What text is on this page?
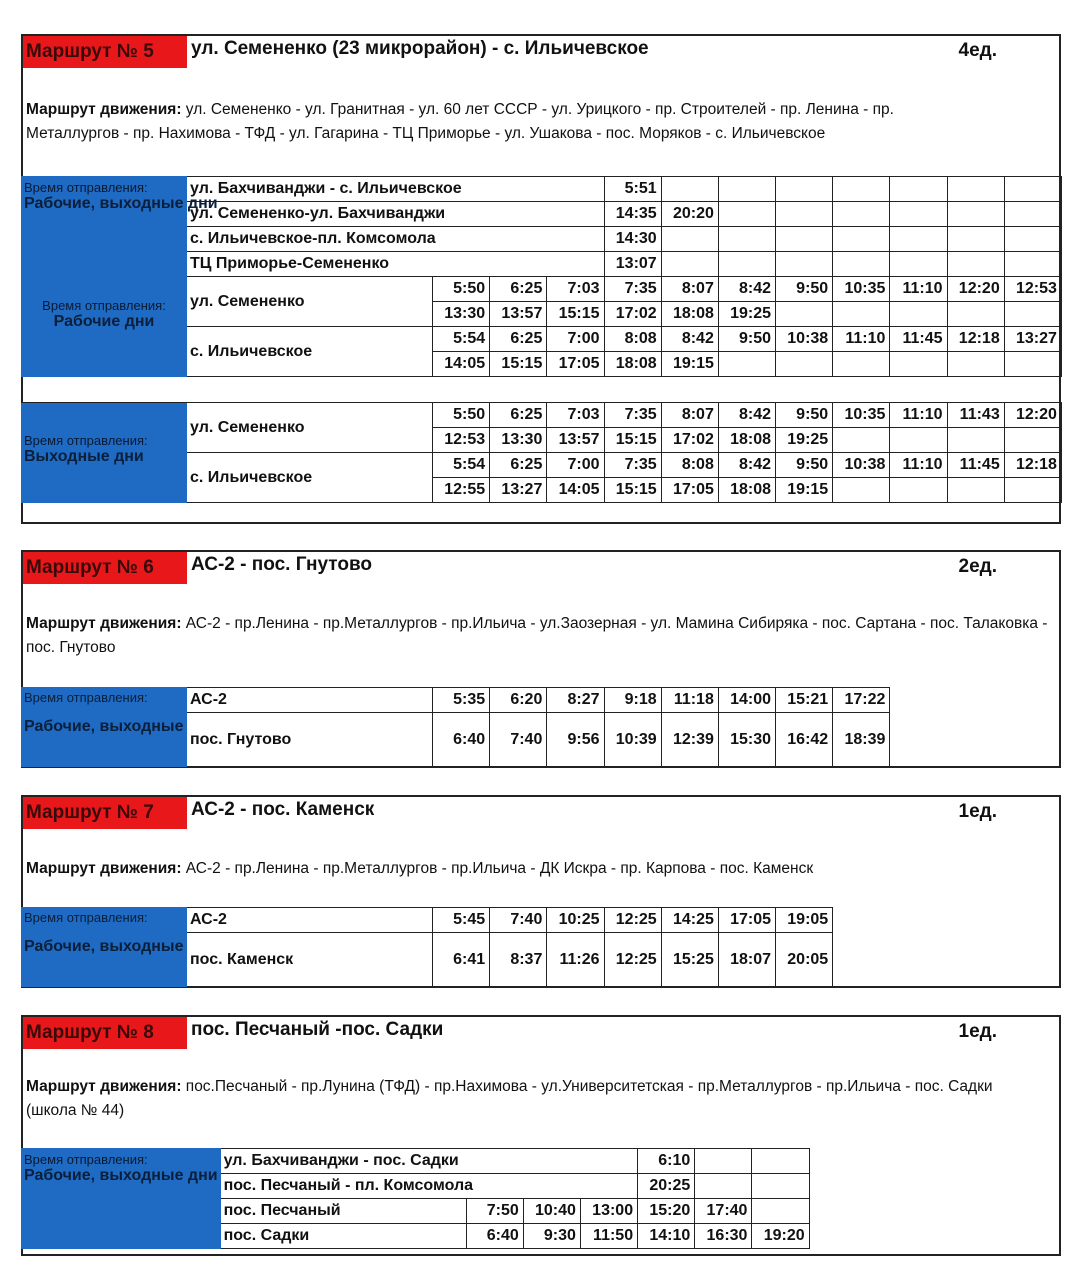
Маршрут № 5	ул. Семененко (23 микрорайон) - с. Ильичевское	4ед.
Маршрут движения: ул. Семененко - ул. Гранитная - ул. 60 лет СССР - ул. Урицкого - пр. Строителей - пр. Ленина - пр. Металлургов - пр. Нахимова - ТФД - ул. Гагарина - ТЦ Приморье - ул. Ушакова - пос. Моряков - с. Ильичевское
Время отправления:
Рабочие, выходные дни	ул. Бахчиванджи - с. Ильичевское				5:51							
	ул. Семененко-ул. Бахчиванджи				14:35	20:20						
	с. Ильичевское-пл. Комсомола				14:30							

Время отправления:
Рабочие дни	ТЦ Приморье-Семененко				13:07							
	ул. Семененко	5:50	6:25	7:03	7:35	8:07	8:42	9:50	10:35	11:10	12:20	12:53
		13:30	13:57	15:15	17:02	18:08	19:25					
	с. Ильичевское	5:54	6:25	7:00	8:08	8:42	9:50	10:38	11:10	11:45	12:18	13:27
		14:05	15:15	17:05	18:08	19:15						

Время отправления:
Выходные дни	ул. Семененко	5:50	6:25	7:03	7:35	8:07	8:42	9:50	10:35	11:10	11:43	12:20
		12:53	13:30	13:57	15:15	17:02	18:08	19:25				
	с. Ильичевское	5:54	6:25	7:00	7:35	8:08	8:42	9:50	10:38	11:10	11:45	12:18
		12:55	13:27	14:05	15:15	17:05	18:08	19:15				
Маршрут № 6	АС-2 - пос. Гнутово	2ед.
Маршрут движения: АС-2 - пр.Ленина - пр.Металлургов - пр.Ильича - ул.Заозерная - ул. Мамина Сибиряка - пос. Сартана - пос. Талаковка - пос. Гнутово
Время отправления:	АС-2	5:35	6:20	8:27	9:18	11:18	14:00	15:21	17:22
Рабочие, выходные	пос. Гнутово	6:40	7:40	9:56	10:39	12:39	15:30	16:42	18:39
Маршрут № 7	АС-2 - пос. Каменск	1ед.
Маршрут движения: АС-2 - пр.Ленина - пр.Металлургов - пр.Ильича - ДК Искра - пр. Карпова - пос. Каменск
Время отправления:	АС-2	5:45	7:40	10:25	12:25	14:25	17:05	19:05
Рабочие, выходные	пос. Каменск	6:41	8:37	11:26	12:25	15:25	18:07	20:05
Маршрут № 8	пос. Песчаный -пос. Садки	1ед.
Маршрут движения: пос.Песчаный - пр.Лунина (ТФД) - пр.Нахимова - ул.Университетская - пр.Металлургов - пр.Ильича - пос. Садки (школа № 44)
Время отправления:
Рабочие, выходные дни	ул. Бахчиванджи - пос. Садки				6:10		
	пос. Песчаный - пл. Комсомола				20:25		
	пос. Песчаный	7:50	10:40	13:00	15:20	17:40	
	пос. Садки	6:40	9:30	11:50	14:10	16:30	19:20
